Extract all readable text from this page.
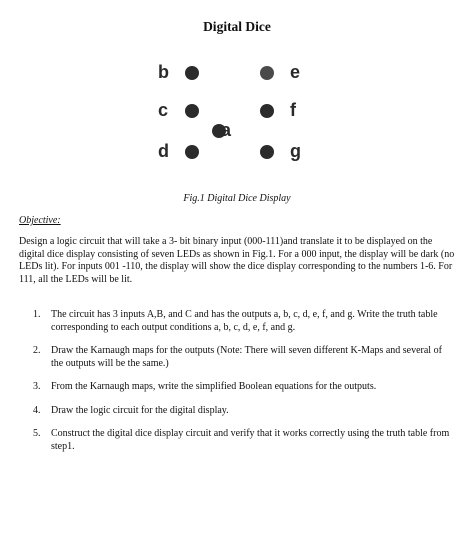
Digital Dice
b
c
d
a
e
f
g
Fig.1 Digital Dice Display
Objective:
Design a logic circuit that will take a 3- bit binary input (000-111)and translate it to be displayed on the digital dice display consisting of seven LEDs as shown in Fig.1. For a 000 input, the display will be dark (no LEDs lit). For inputs 001 -110, the display will show the dice display corresponding to the numbers 1-6. For 111, all the LEDs will be lit.
1. The circuit has 3 inputs A,B, and C and has the outputs a, b, c, d, e, f, and g. Write the truth table corresponding to each output conditions a, b, c, d, e, f, and g.
2. Draw the Karnaugh maps for the outputs (Note: There will seven different K-Maps and several of the outputs will be the same.)
3. From the Karnaugh maps, write the simplified Boolean equations for the outputs.
4. Draw the logic circuit for the digital display.
5. Construct the digital dice display circuit and verify that it works correctly using the truth table from step1.
